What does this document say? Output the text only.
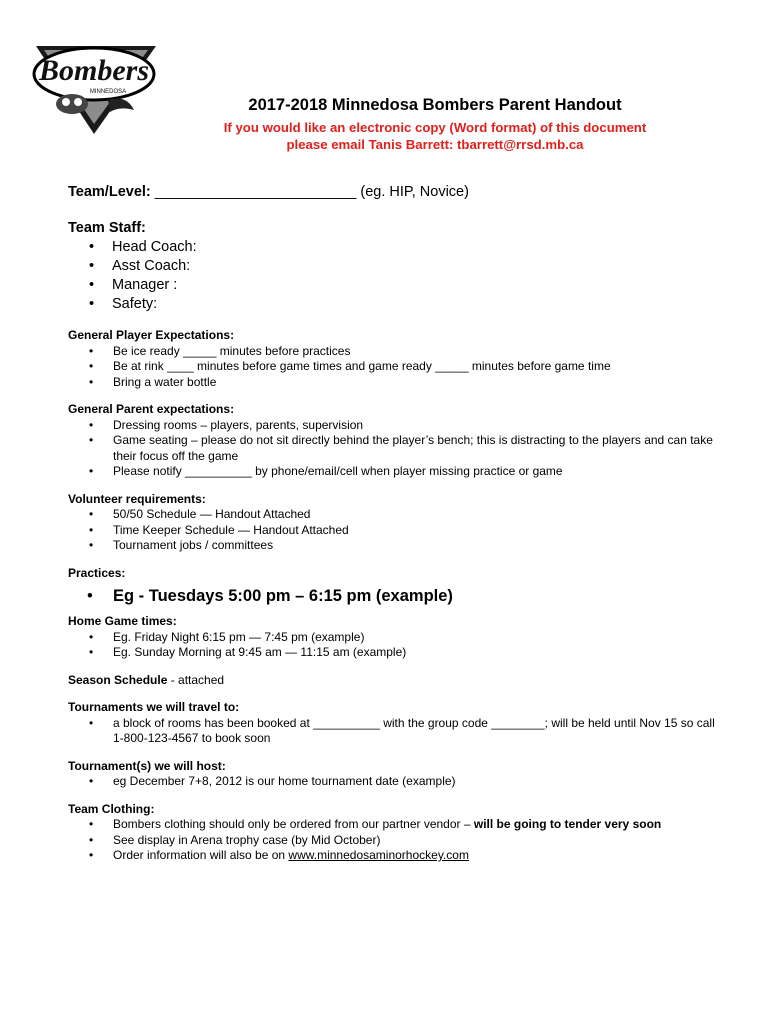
Bombers
MINNEDOSA

2017-2018 Minnedosa Bombers Parent Handout

If you would like an electronic copy (Word format) of this document

please email Tanis Barrett: tbarrett@rrsd.mb.ca

Team/Level: _________________________ (eg. HIP, Novice)

Team Staff:

• Head Coach:
• Asst Coach:
• Manager :
• Safety:

General Player Expectations:

• Be ice ready _____ minutes before practices
• Be at rink ____ minutes before game times and game ready _____ minutes before game time
• Bring a water bottle

General Parent expectations:

• Dressing rooms – players, parents, supervision
• Game seating – please do not sit directly behind the player’s bench; this is distracting to the players and can take their focus off the game
• Please notify __________ by phone/email/cell when player missing practice or game

Volunteer requirements:

• 50/50 Schedule — Handout Attached
• Time Keeper Schedule — Handout Attached
• Tournament jobs / committees

Practices:

• Eg - Tuesdays 5:00 pm – 6:15 pm (example)

Home Game times:

• Eg. Friday Night 6:15 pm — 7:45 pm (example)
• Eg. Sunday Morning at 9:45 am — 11:15 am (example)

Season Schedule - attached

Tournaments we will travel to:

• a block of rooms has been booked at __________ with the group code ________; will be held until Nov 15 so call 1-800-123-4567 to book soon

Tournament(s) we will host:

• eg December 7+8, 2012 is our home tournament date (example)

Team Clothing:

• Bombers clothing should only be ordered from our partner vendor – will be going to tender very soon
• See display in Arena trophy case (by Mid October)
• Order information will also be on www.minnedosaminorhockey.com
